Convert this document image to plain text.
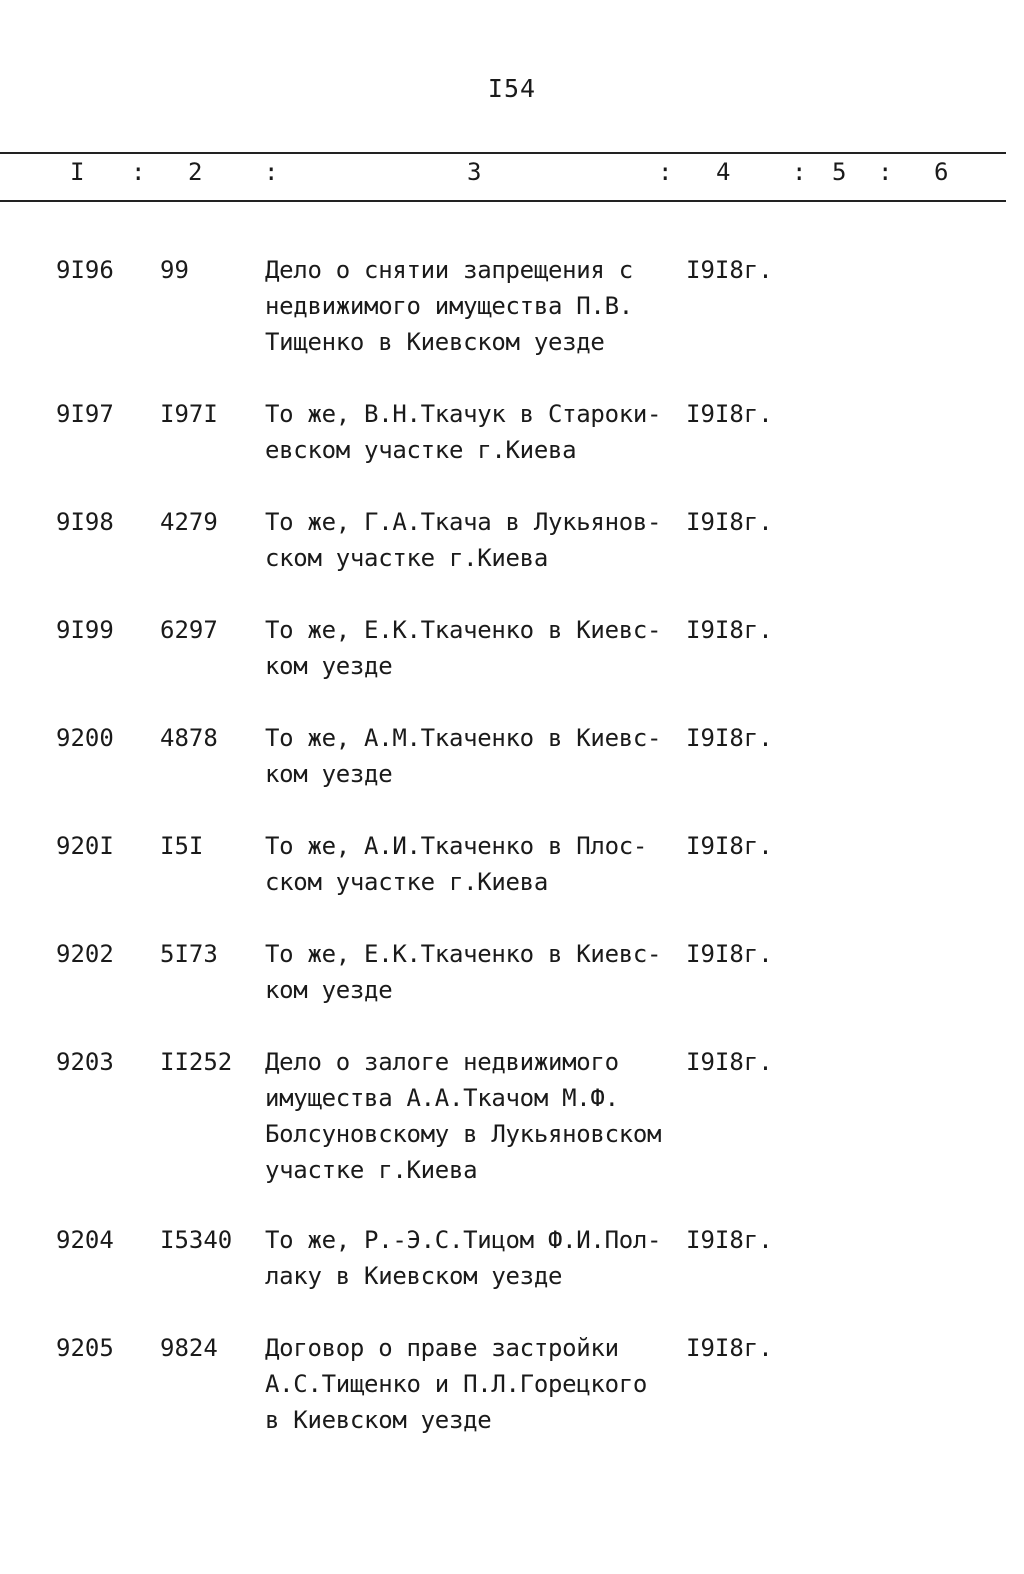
I54
I : 2	:	3	: 4	: 5 : 6
9I96	99	Дело о снятии запрещения с
недвижимого имущества П.В.
Тищенко в Киевском уезде
I9I8г.
9I97	I97I	То же, В.Н.Ткачук в Староки-
евском участке г.Киева
I9I8г.
9I98	4279	То же, Г.А.Ткача в Лукьянов-
ском участке г.Киева
I9I8г.
9I99	6297	То же, Е.К.Ткаченко в Киевс-
ком уезде
I9I8г.
9200	4878	То же, А.М.Ткаченко в Киевс-
ком уезде
I9I8г.
920I	I5I	То же, А.И.Ткаченко в Плос-
ском участке г.Киева
I9I8г.
9202	5I73	То же, Е.К.Ткаченко в Киевс-
ком уезде
I9I8г.
9203	II252	Дело о залоге недвижимого
имущества А.А.Ткачом М.Ф.
Болсуновскому в Лукьяновском
участке г.Киева
I9I8г.
9204	I5340	То же, Р.-Э.С.Тицом Ф.И.Пол-
лаку в Киевском уезде
I9I8г.
9205	9824	Договор о праве застройки
А.С.Тищенко и П.Л.Горецкого
в Киевском уезде
I9I8г.
